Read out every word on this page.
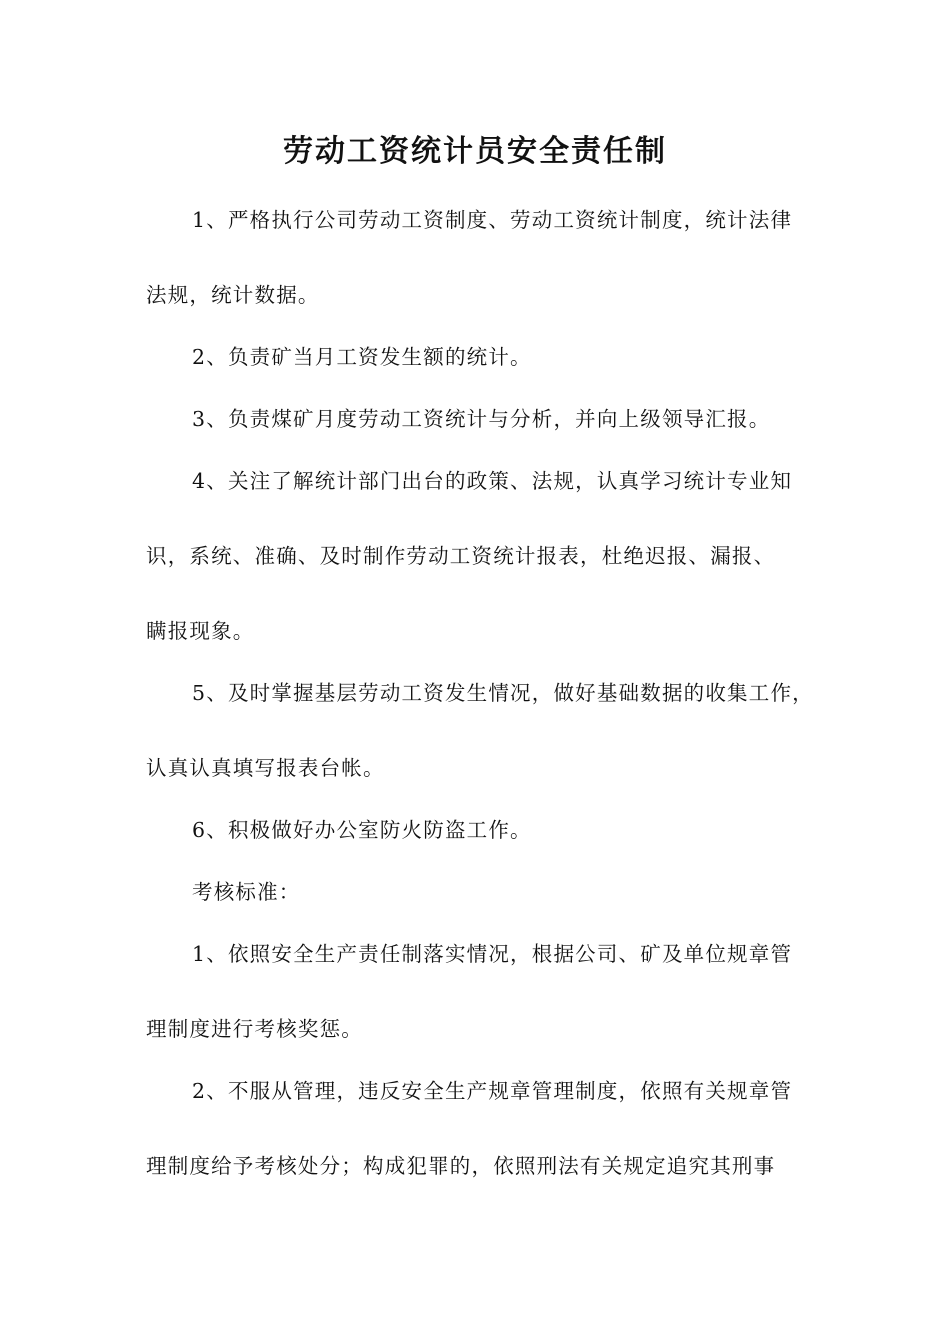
劳动工资统计员安全责任制
1、严格执行公司劳动工资制度、劳动工资统计制度，统计法律
法规，统计数据。
2、负责矿当月工资发生额的统计。
3、负责煤矿月度劳动工资统计与分析，并向上级领导汇报。
4、关注了解统计部门出台的政策、法规，认真学习统计专业知
识，系统、准确、及时制作劳动工资统计报表，杜绝迟报、漏报、
瞒报现象。
5、及时掌握基层劳动工资发生情况，做好基础数据的收集工作，
认真认真填写报表台帐。
6、积极做好办公室防火防盗工作。
考核标准：
1、依照安全生产责任制落实情况，根据公司、矿及单位规章管
理制度进行考核奖惩。
2、不服从管理，违反安全生产规章管理制度，依照有关规章管
理制度给予考核处分；构成犯罪的，依照刑法有关规定追究其刑事
